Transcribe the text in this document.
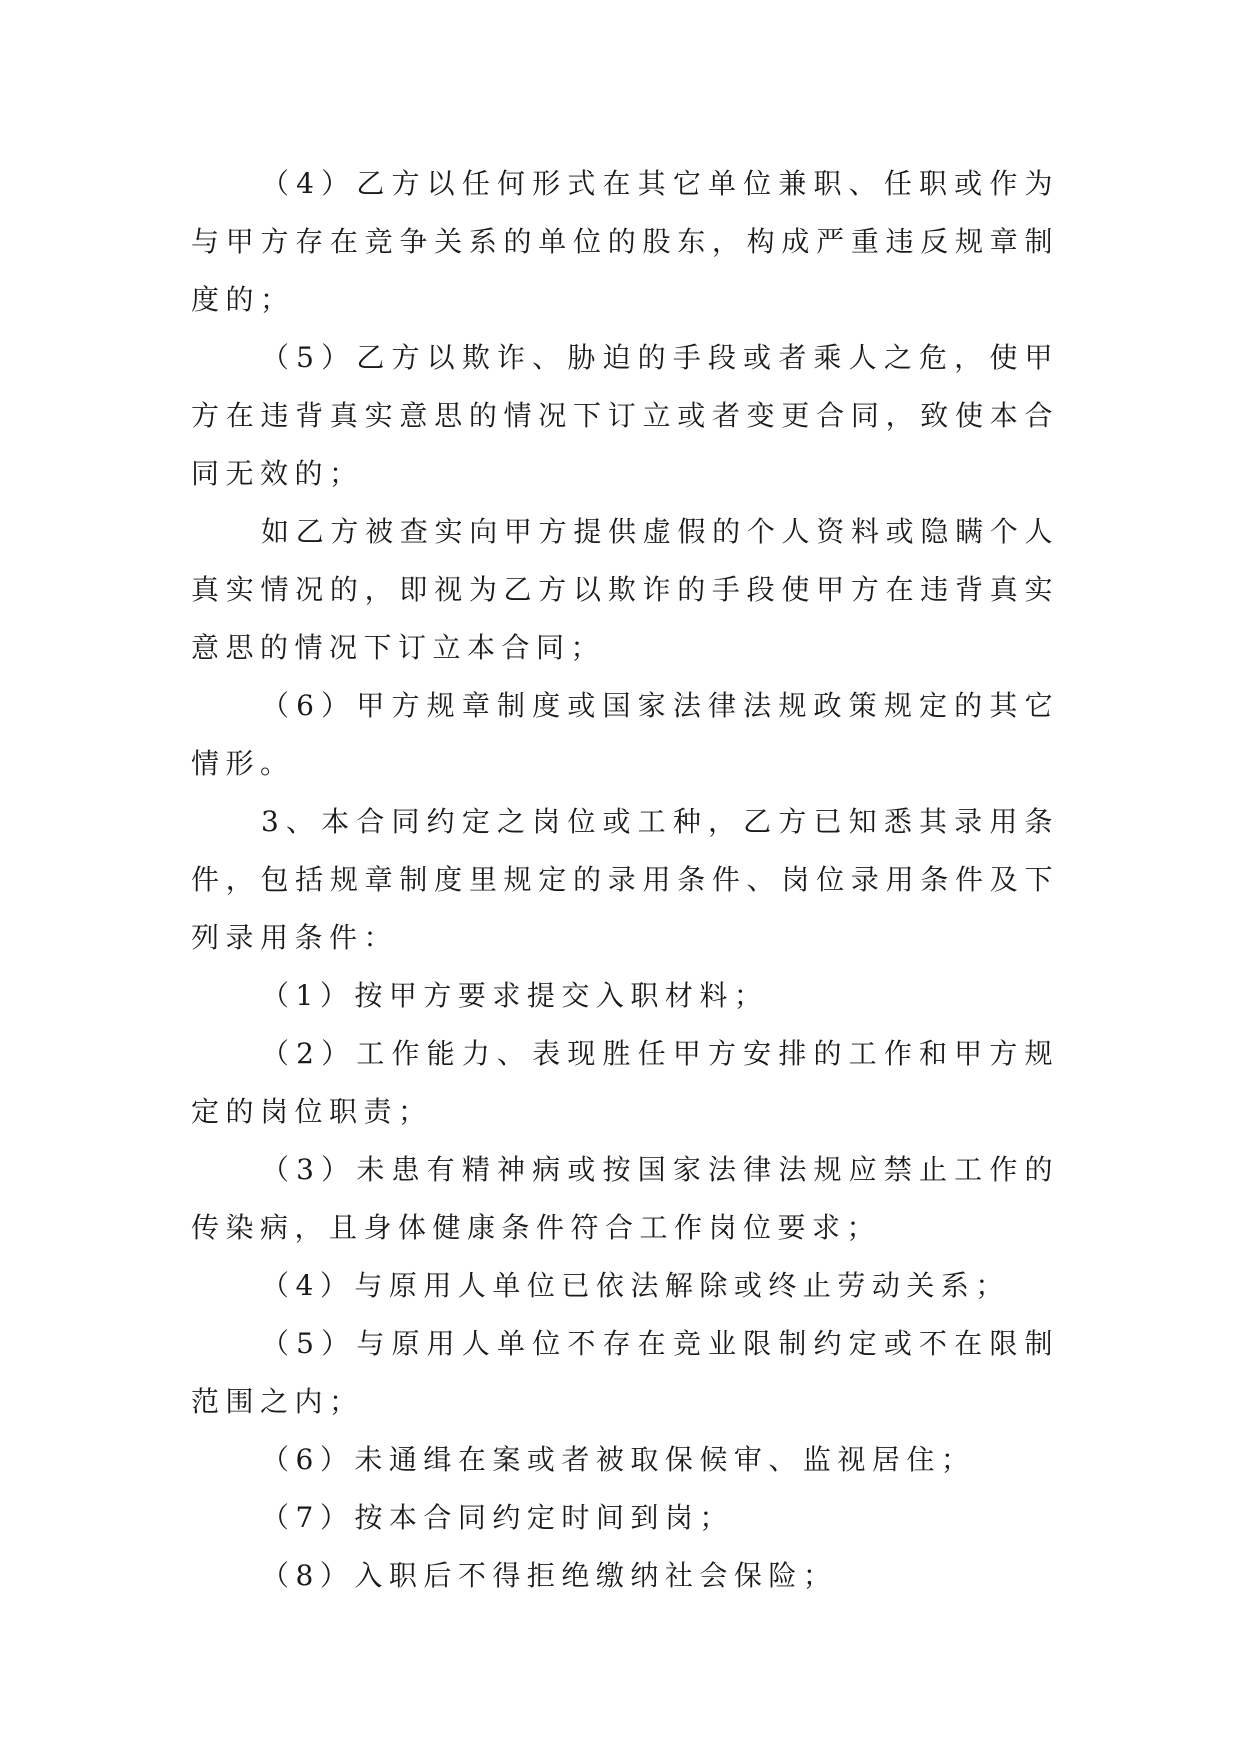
（4）乙方以任何形式在其它单位兼职、任职或作为与甲方存在竞争关系的单位的股东，构成严重违反规章制度的；

（5）乙方以欺诈、胁迫的手段或者乘人之危，使甲方在违背真实意思的情况下订立或者变更合同，致使本合同无效的；

如乙方被查实向甲方提供虚假的个人资料或隐瞒个人真实情况的，即视为乙方以欺诈的手段使甲方在违背真实意思的情况下订立本合同；

（6）甲方规章制度或国家法律法规政策规定的其它情形。

3、本合同约定之岗位或工种，乙方已知悉其录用条件，包括规章制度里规定的录用条件、岗位录用条件及下列录用条件：

（1）按甲方要求提交入职材料；

（2）工作能力、表现胜任甲方安排的工作和甲方规定的岗位职责；

（3）未患有精神病或按国家法律法规应禁止工作的传染病，且身体健康条件符合工作岗位要求；

（4）与原用人单位已依法解除或终止劳动关系；

（5）与原用人单位不存在竞业限制约定或不在限制范围之内；

（6）未通缉在案或者被取保候审、监视居住；

（7）按本合同约定时间到岗；

（8）入职后不得拒绝缴纳社会保险；
